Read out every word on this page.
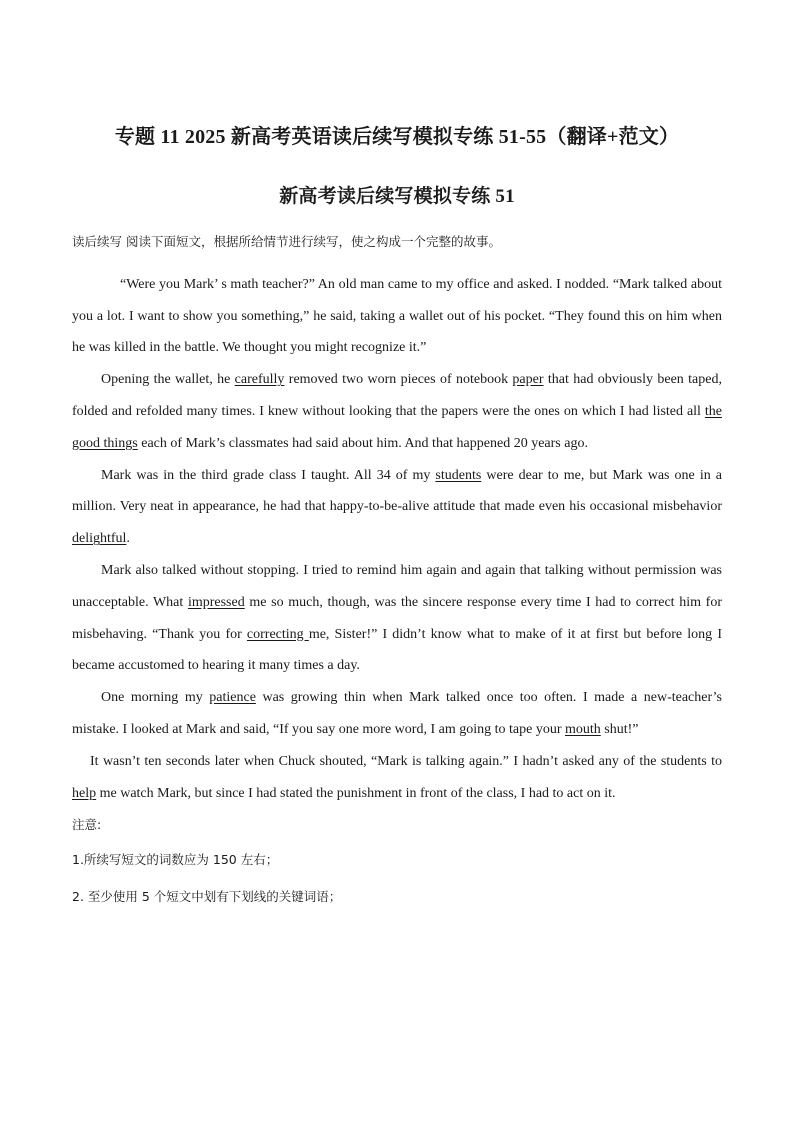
专题 11 2025 新高考英语读后续写模拟专练 51-55（翻译+范文）
新高考读后续写模拟专练 51
读后续写 阅读下面短文，根据所给情节进行续写，使之构成一个完整的故事。

“Were you Mark’ s math teacher?” An old man came to my office and asked. I nodded. “Mark talked about you a lot. I want to show you something,” he said, taking a wallet out of his pocket. “They found this on him when he was killed in the battle. We thought you might recognize it.”

Opening the wallet, he carefully removed two worn pieces of notebook paper that had obviously been taped, folded and refolded many times. I knew without looking that the papers were the ones on which I had listed all the good things each of Mark’s classmates had said about him. And that happened 20 years ago.

Mark was in the third grade class I taught. All 34 of my students were dear to me, but Mark was one in a million. Very neat in appearance, he had that happy-to-be-alive attitude that made even his occasional misbehavior delightful.

Mark also talked without stopping. I tried to remind him again and again that talking without permission was unacceptable. What impressed me so much, though, was the sincere response every time I had to correct him for misbehaving. “Thank you for correcting me, Sister!” I didn’t know what to make of it at first but before long I became accustomed to hearing it many times a day.

One morning my patience was growing thin when Mark talked once too often. I made a new-teacher’s mistake. I looked at Mark and said, “If you say one more word, I am going to tape your mouth shut!”

It wasn’t ten seconds later when Chuck shouted, “Mark is talking again.” I hadn’t asked any of the students to help me watch Mark, but since I had stated the punishment in front of the class, I had to act on it.

注意:
1.所续写短文的词数应为 150 左右；
2. 至少使用 5 个短文中划有下划线的关键词语；
